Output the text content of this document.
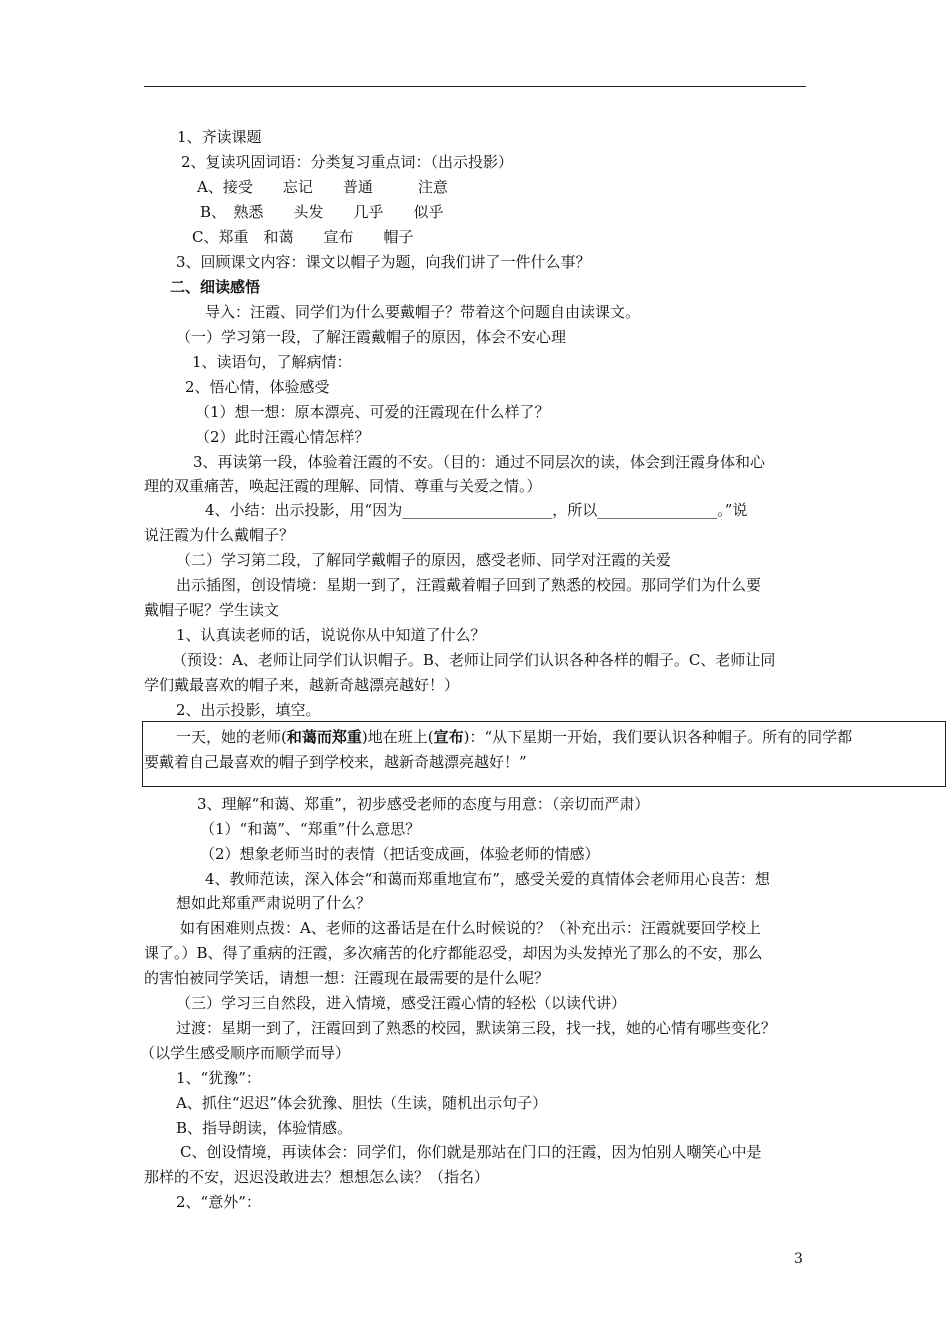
1、齐读课题
2、复读巩固词语：分类复习重点词：（出示投影）
A、接受　　忘记　　普通　　　注意
B、　熟悉　　头发　　几乎　　似乎
C、郑重　和蔼　　宣布　　帽子
3、回顾课文内容：课文以帽子为题，向我们讲了一件什么事？
二、细读感悟
导入：汪霞、同学们为什么要戴帽子？带着这个问题自由读课文。
（一）学习第一段，了解汪霞戴帽子的原因，体会不安心理
1、读语句，了解病情：
2、悟心情，体验感受
（1）想一想：原本漂亮、可爱的汪霞现在什么样了？
（2）此时汪霞心情怎样？
3、再读第一段，体验着汪霞的不安。（目的：通过不同层次的读，体会到汪霞身体和心
理的双重痛苦，唤起汪霞的理解、同情、尊重与关爱之情。）
4、小结：出示投影，用“因为____________________，所以________________。”说
说汪霞为什么戴帽子？
（二）学习第二段，了解同学戴帽子的原因，感受老师、同学对汪霞的关爱
出示插图，创设情境：星期一到了，汪霞戴着帽子回到了熟悉的校园。那同学们为什么要
戴帽子呢？学生读文
1、认真读老师的话，说说你从中知道了什么？
（预设：A、老师让同学们认识帽子。B、老师让同学们认识各种各样的帽子。C、老师让同
学们戴最喜欢的帽子来，越新奇越漂亮越好！）
2、出示投影，填空。
一天，她的老师(和蔼而郑重)地在班上(宣布)：“从下星期一开始，我们要认识各种帽子。所有的同学都
要戴着自己最喜欢的帽子到学校来，越新奇越漂亮越好！”
3、理解“和蔼、郑重”，初步感受老师的态度与用意：（亲切而严肃）
（1）“和蔼”、“郑重”什么意思？
（2）想象老师当时的表情（把话变成画，体验老师的情感）
4、教师范读，深入体会“和蔼而郑重地宣布”，感受关爱的真情体会老师用心良苦：想
想如此郑重严肃说明了什么？
如有困难则点拨：A、老师的这番话是在什么时候说的？（补充出示：汪霞就要回学校上
课了。）B、得了重病的汪霞，多次痛苦的化疗都能忍受，却因为头发掉光了那么的不安，那么
的害怕被同学笑话，请想一想：汪霞现在最需要的是什么呢？
（三）学习三自然段，进入情境，感受汪霞心情的轻松（以读代讲）
过渡：星期一到了，汪霞回到了熟悉的校园，默读第三段，找一找，她的心情有哪些变化？
（以学生感受顺序而顺学而导）
1、“犹豫”：
A、抓住“迟迟”体会犹豫、胆怯（生读，随机出示句子）
B、指导朗读，体验情感。
C、创设情境，再读体会：同学们，你们就是那站在门口的汪霞，因为怕别人嘲笑心中是
那样的不安，迟迟没敢进去？想想怎么读？（指名）
2、“意外”：
3
